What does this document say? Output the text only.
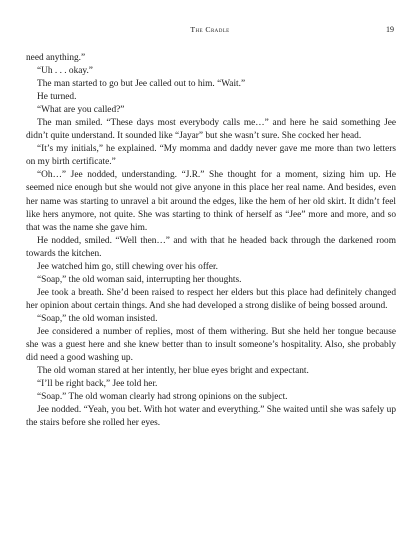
The Cradle	19

need anything.”

“Uh . . . okay.”

The man started to go but Jee called out to him. “Wait.”

He turned.

“What are you called?”

The man smiled. “These days most everybody calls me…” and here he said something Jee didn’t quite understand. It sounded like “Jayar” but she wasn’t sure. She cocked her head.

“It’s my initials,” he explained. “My momma and daddy never gave me more than two letters on my birth certificate.”

“Oh…” Jee nodded, understanding. “J.R.” She thought for a moment, sizing him up. He seemed nice enough but she would not give anyone in this place her real name. And besides, even her name was starting to unravel a bit around the edges, like the hem of her old skirt. It didn’t feel like hers anymore, not quite. She was starting to think of herself as “Jee” more and more, and so that was the name she gave him.

He nodded, smiled. “Well then…” and with that he headed back through the darkened room towards the kitchen.

Jee watched him go, still chewing over his offer.

“Soap,” the old woman said, interrupting her thoughts.

Jee took a breath. She’d been raised to respect her elders but this place had definitely changed her opinion about certain things. And she had developed a strong dislike of being bossed around.

“Soap,” the old woman insisted.

Jee considered a number of replies, most of them withering. But she held her tongue because she was a guest here and she knew better than to insult someone’s hospitality. Also, she probably did need a good washing up.

The old woman stared at her intently, her blue eyes bright and expectant.

“I’ll be right back,” Jee told her.

“Soap.” The old woman clearly had strong opinions on the subject.

Jee nodded. “Yeah, you bet. With hot water and everything.” She waited until she was safely up the stairs before she rolled her eyes.
